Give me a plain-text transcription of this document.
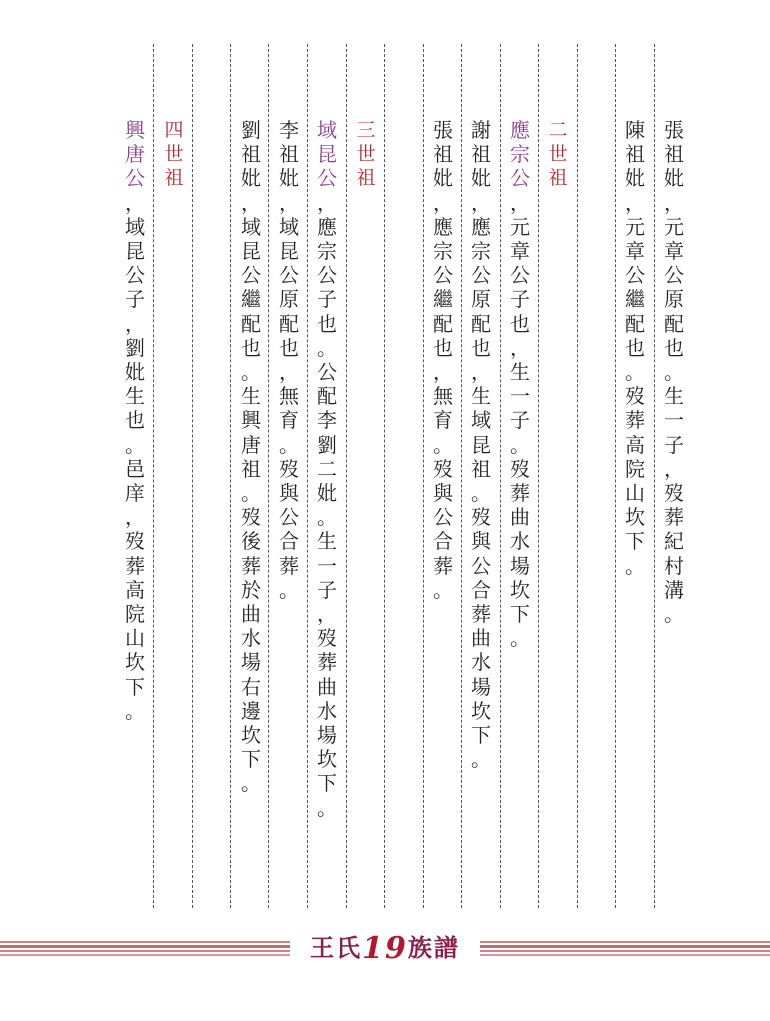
張
祖
妣
，
元
章
公
原
配
也
。
生
一
子
，
歿
葬
紀
村
溝
。
陳
祖
妣
，
元
章
公
繼
配
也
。
歿
葬
高
院
山
坎
下
。
二
世
祖
應
宗
公
，
元
章
公
子
也
，
生
一
子
。
歿
葬
曲
水
場
坎
下
。
謝
祖
妣
，
應
宗
公
原
配
也
，
生
域
昆
祖
。
歿
與
公
合
葬
曲
水
場
坎
下
。
張
祖
妣
，
應
宗
公
繼
配
也
，
無
育
。
歿
與
公
合
葬
。
三
世
祖
域
昆
公
，
應
宗
公
子
也
。
公
配
李
劉
二
妣
。
生
一
子
，
歿
葬
曲
水
場
坎
下
。
李
祖
妣
，
域
昆
公
原
配
也
，
無
育
。
歿
與
公
合
葬
。
劉
祖
妣
，
域
昆
公
繼
配
也
。
生
興
唐
祖
。
歿
後
葬
於
曲
水
場
右
邊
坎
下
。
四
世
祖
興
唐
公
，
域
昆
公
子
，
劉
妣
生
也
。
邑
庠
，
歿
葬
高
院
山
坎
下
。
王氏19族譜
